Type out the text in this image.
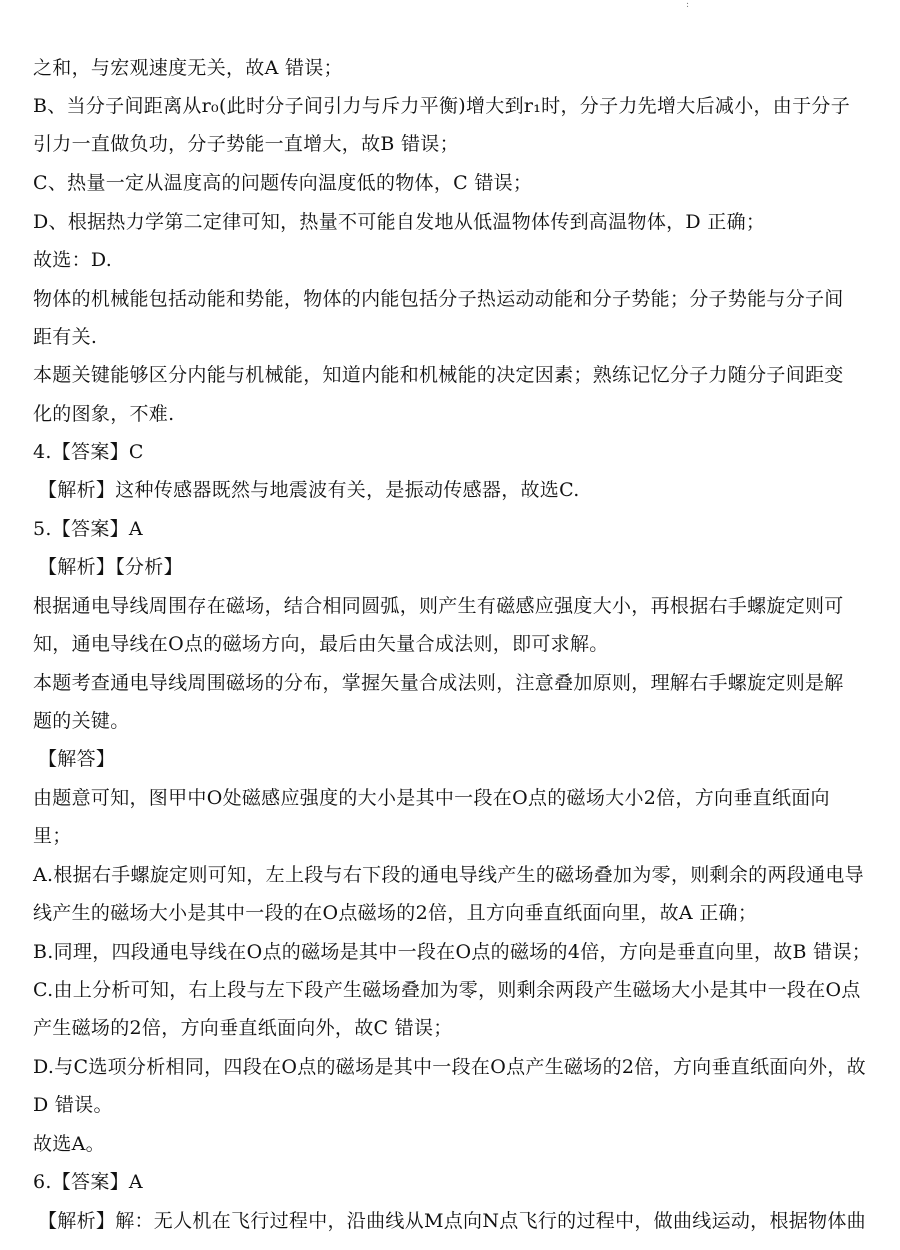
:
之和，与宏观速度无关，故A 错误；
B、当分子间距离从r₀(此时分子间引力与斥力平衡)增大到r₁时，分子力先增大后减小，由于分子
引力一直做负功，分子势能一直增大，故B 错误；
C、热量一定从温度高的问题传向温度低的物体，C 错误；
D、根据热力学第二定律可知，热量不可能自发地从低温物体传到高温物体，D 正确；
故选：D.
物体的机械能包括动能和势能，物体的内能包括分子热运动动能和分子势能；分子势能与分子间
距有关.
本题关键能够区分内能与机械能，知道内能和机械能的决定因素；熟练记忆分子力随分子间距变
化的图象，不难.
4.【答案】C
【解析】这种传感器既然与地震波有关，是振动传感器，故选C.
5.【答案】A
【解析】【分析】
根据通电导线周围存在磁场，结合相同圆弧，则产生有磁感应强度大小，再根据右手螺旋定则可
知，通电导线在O点的磁场方向，最后由矢量合成法则，即可求解。
本题考查通电导线周围磁场的分布，掌握矢量合成法则，注意叠加原则，理解右手螺旋定则是解
题的关键。
【解答】
由题意可知，图甲中O处磁感应强度的大小是其中一段在O点的磁场大小2倍，方向垂直纸面向
里；
A.根据右手螺旋定则可知，左上段与右下段的通电导线产生的磁场叠加为零，则剩余的两段通电导
线产生的磁场大小是其中一段的在O点磁场的2倍，且方向垂直纸面向里，故A 正确；
B.同理，四段通电导线在O点的磁场是其中一段在O点的磁场的4倍，方向是垂直向里，故B 错误；
C.由上分析可知，右上段与左下段产生磁场叠加为零，则剩余两段产生磁场大小是其中一段在O点
产生磁场的2倍，方向垂直纸面向外，故C 错误；
D.与C选项分析相同，四段在O点的磁场是其中一段在O点产生磁场的2倍，方向垂直纸面向外，故
D 错误。
故选A。
6.【答案】A
【解析】解：无人机在飞行过程中，沿曲线从M点向N点飞行的过程中，做曲线运动，根据物体曲
